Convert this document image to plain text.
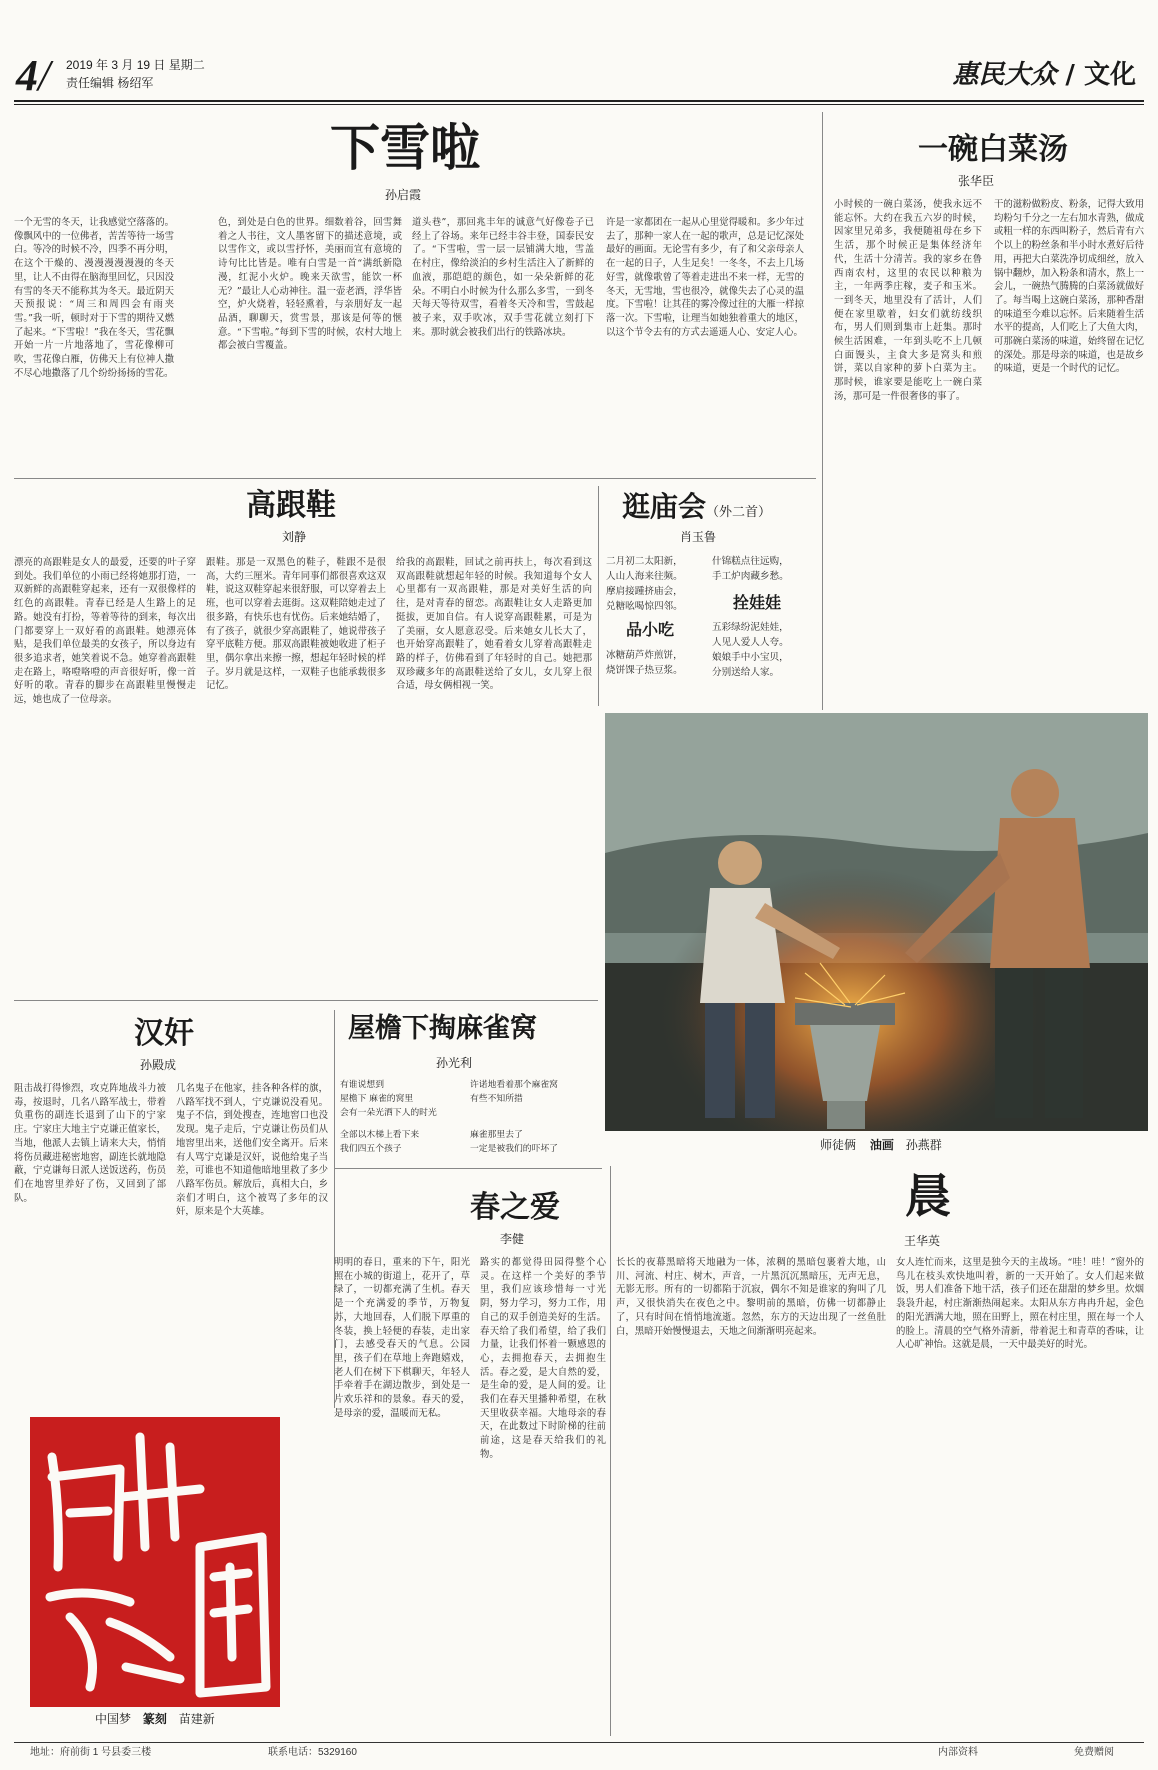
4/ 2019 年 3 月 19 日 星期二
责任编辑 杨绍军	惠民大众 / 文化
下雪啦
孙启霞
一个无雪的冬天，让我感觉空落落的。像飘风中的一位佛者，苦苦等待一场雪白。等冷的时候不冷，四季不再分明，在这个干燥的、漫漫漫漫漫漫的冬天里，让人不由得在脑海里回忆，只因没有雪的冬天不能称其为冬天。最近阴天天预报说：“周三和周四会有雨夹雪。”我一听，顿时对于下雪的期待又燃了起来。“下雪啦！”我在冬天，雪花飘开始一片一片地落地了，雪花像柳可吹，雪花像白雁，仿佛天上有位神人撒不尽心地撒落了几个纷纷扬扬的雪花。
色，到处是白色的世界。细数着谷，回雪舞着之人书往，文人墨客留下的描述意境，或以雪作文，或以雪抒怀，美丽而宣有意境的诗句比比皆是。唯有白雪是一首“满纸新隐漫，红泥小火炉。晚来天欲雪，能饮一杯无？”最让人心动神往。温一壶老酒，浮华皆空，炉火烧着，轻轻熏着，与亲朋好友一起品酒，聊聊天，赏雪景，那该是何等的惬意。“下雪啦。”每到下雪的时候，农村大地上都会被白雪覆盖。
道头巷”，那回兆丰年的诚意气好像卷子已经上了谷场。来年已经丰谷丰登，国泰民安了。“下雪啦，雪一层一层铺满大地，雪盖在村庄，像给淡泊的乡村生活注入了新鲜的血液，那皑皑的颜色，如一朵朵新鲜的花朵。不明白小时候为什么那么多雪，一到冬天每天等待双雪，看着冬天冷和雪，雪鼓起被子来，双手吹冰，双手雪花就立刻打下来。那时就会被我们出行的铁路冰块。
许是一家都团在一起从心里觉得暖和。多少年过去了，那种一家人在一起的歌声，总是记忆深处最好的画面。无论雪有多少，有了和父亲母亲人在一起的日子，人生足矣！一冬冬，不去上几场好雪，就像歌曾了等着走进出不来一样，无雪的冬天，无雪地，雪也很冷，就像失去了心灵的温度。下雪啦！让其荏的雾冷像过往的大雁一样掠落一次。下雪啦，让理当如她独着重大的地区，以这个节令去有的方式去遥遥人心、安定人心。
一碗白菜汤
张华臣
小时候的一碗白菜汤，使我永远不能忘怀。大约在我五六岁的时候，因家里兄弟多，我便随祖母在乡下生活，那个时候正是集体经济年代，生活十分清苦。我的家乡在鲁西南农村，这里的农民以种粮为主，一年两季庄稼，麦子和玉米。一到冬天，地里没有了活计，人们便在家里歇着，妇女们就纺线织布，男人们则到集市上赶集。那时候生活困难，一年到头吃不上几顿白面馒头，主食大多是窝头和煎饼，菜以自家种的萝卜白菜为主。那时候，谁家要是能吃上一碗白菜汤，那可是一件很奢侈的事了。
干的滋粉做粉皮、粉条，记得大致用均粉匀千分之一左右加水青熟，做成或粗一样的东西叫粉子，然后青有六个以上的粉丝条和半小时水煮好后待用，再把大白菜洗净切成细丝，放入锅中翻炒，加入粉条和清水，熬上一会儿，一碗热气腾腾的白菜汤就做好了。每当喝上这碗白菜汤，那种香甜的味道至今难以忘怀。后来随着生活水平的提高，人们吃上了大鱼大肉，可那碗白菜汤的味道，始终留在记忆的深处。那是母亲的味道，也是故乡的味道，更是一个时代的记忆。
高跟鞋
刘静
漂亮的高跟鞋是女人的最爱，还要的叶子穿到处。我们单位的小雨已经将她那打造，一双新鲜的高跟鞋穿起来，还有一双很像样的红色的高跟鞋。青春已经是人生路上的足路。她没有打扮，等着等待的到来，每次出门都要穿上一双好看的高跟鞋。她漂亮体贴，是我们单位最美的女孩子，所以身边有很多追求者，她笑着说不急。她穿着高跟鞋走在路上，咯噔咯噔的声音很好听，像一首好听的歌。青春的脚步在高跟鞋里慢慢走远，她也成了一位母亲。
跟鞋。那是一双黑色的鞋子，鞋跟不是很高，大约三厘米。青年同事们都很喜欢这双鞋，说这双鞋穿起来很舒服，可以穿着去上班，也可以穿着去逛街。这双鞋陪她走过了很多路，有快乐也有忧伤。后来她结婚了，有了孩子，就很少穿高跟鞋了，她说带孩子穿平底鞋方便。那双高跟鞋被她收进了柜子里，偶尔拿出来擦一擦，想起年轻时候的样子。岁月就是这样，一双鞋子也能承载很多记忆。
给我的高跟鞋，回试之前再扶上，每次看到这双高跟鞋就想起年轻的时候。我知道每个女人心里都有一双高跟鞋，那是对美好生活的向往，是对青春的留恋。高跟鞋让女人走路更加挺拔，更加自信。有人说穿高跟鞋累，可是为了美丽，女人愿意忍受。后来她女儿长大了，也开始穿高跟鞋了，她看着女儿穿着高跟鞋走路的样子，仿佛看到了年轻时的自己。她把那双珍藏多年的高跟鞋送给了女儿，女儿穿上很合适，母女俩相视一笑。
逛庙会（外二首）
肖玉鲁
二月初二太阳新，
人山人海来往频。
摩肩接踵挤庙会，
兑糖吆喝惊四邻。
什锦糕点往远购，
手工炉肉藏乡愁。
拴娃娃
品小吃
冰糖葫芦炸煎饼，
烧饼馃子热豆浆。
五彩绿纷泥娃娃，
人见人爱人人夸。
娘娘手中小宝贝，
分别送给人家。
师徒俩 油画 孙燕群
汉奸
孙殿成
阻击战打得惨烈，攻克阵地战斗力被毒，按退时，几名八路军战士，带着负重伤的副连长退到了山下的宁家庄。宁家庄大地主宁克谦正值家长，当地，他派人去镇上请来大夫，悄悄将伤员藏进秘密地窖，副连长就地隐蔽，宁克谦每日派人送饭送药，伤员们在地窖里养好了伤，又回到了部队。
几名鬼子在他家，挂各种各样的旗，八路军找不到人，宁克谦说没看见。鬼子不信，到处搜查，连地窖口也没发现。鬼子走后，宁克谦让伤员们从地窖里出来，送他们安全离开。后来有人骂宁克谦是汉奸，说他给鬼子当差，可谁也不知道他暗地里救了多少八路军伤员。解放后，真相大白，乡亲们才明白，这个被骂了多年的汉奸，原来是个大英雄。
屋檐下掏麻雀窝
孙光利
有谁说想到
屋檐下 麻雀的窝里
会有一朵光洒下人的时光
全部以木梯上看下来
我们四五个孩子
许诺地看着那个麻雀窝
有些不知所措
麻雀那里去了
一定是被我们的吓坏了
春之爱
李健
明明的春日，重来的下午，阳光照在小城的街道上，花开了，草绿了，一切都充满了生机。春天是一个充满爱的季节，万物复苏，大地回春，人们脱下厚重的冬装，换上轻便的春装，走出家门，去感受春天的气息。公园里，孩子们在草地上奔跑嬉戏，老人们在树下下棋聊天，年轻人手牵着手在湖边散步，到处是一片欢乐祥和的景象。春天的爱，是母亲的爱，温暖而无私。
路实的都觉得田园得整个心灵。在这样一个美好的季节里，我们应该珍惜每一寸光阴，努力学习，努力工作，用自己的双手创造美好的生活。春天给了我们希望，给了我们力量，让我们怀着一颗感恩的心，去拥抱春天，去拥抱生活。春之爱，是大自然的爱，是生命的爱，是人间的爱。让我们在春天里播种希望，在秋天里收获幸福。大地母亲的春天，在此数过下时阶梯的往前前途，这是春天给我们的礼物。
晨
王华英
长长的夜幕黑暗将天地融为一体，浓稠的黑暗包裹着大地，山川、河流、村庄、树木，声音，一片黑沉沉黑暗压，无声无息，无影无形。所有的一切都陷于沉寂，偶尔不知是谁家的狗叫了几声，又很快消失在夜色之中。黎明前的黑暗，仿佛一切都静止了，只有时间在悄悄地流逝。忽然，东方的天边出现了一丝鱼肚白，黑暗开始慢慢退去，天地之间渐渐明亮起来。
女人连忙而来，这里是独今天的主战场。“哇！哇！”窗外的鸟儿在枝头欢快地叫着，新的一天开始了。女人们起来做饭，男人们准备下地干活，孩子们还在甜甜的梦乡里。炊烟袅袅升起，村庄渐渐热闹起来。太阳从东方冉冉升起，金色的阳光洒满大地，照在田野上，照在村庄里，照在每一个人的脸上。清晨的空气格外清新，带着泥土和青草的香味，让人心旷神怡。这就是晨，一天中最美好的时光。
中国梦 篆刻 苗建新
地址：府前街 1 号县委三楼	联系电话：5329160	内部资料	免费赠阅
